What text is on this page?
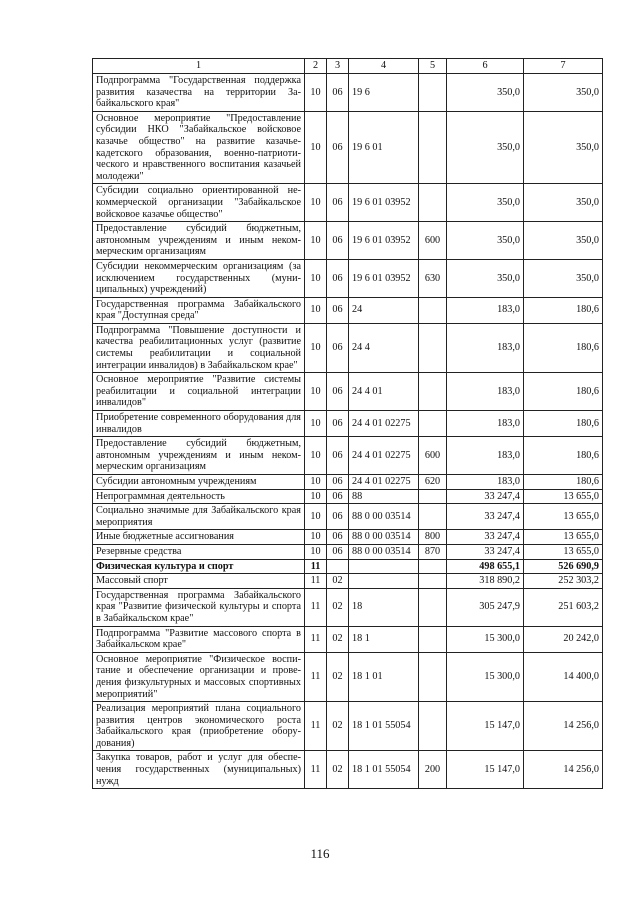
1	2	3	4	5	6	7
Подпрограмма "Государственная поддержка развития казачества на территории Забайкальского края"	10	06	19 6		350,0	350,0
Основное мероприятие "Предоставление субсидии НКО "Забайкальское войсковое казачье общество" на развитие казачье-кадетского образования, военно-патриотического и нравственного воспитания казачьей молодежи"	10	06	19 6 01		350,0	350,0
Субсидии социально ориентированной некоммерческой организации "Забайкальское войсковое казачье общество"	10	06	19 6 01 03952		350,0	350,0
Предоставление субсидий бюджетным, автономным учреждениям и иным некоммерческим организациям	10	06	19 6 01 03952	600	350,0	350,0
Субсидии некоммерческим организациям (за исключением государственных (муниципальных) учреждений)	10	06	19 6 01 03952	630	350,0	350,0
Государственная программа Забайкальского края "Доступная среда"	10	06	24		183,0	180,6
Подпрограмма "Повышение доступности и качества реабилитационных услуг (развитие системы реабилитации и социальной интеграции инвалидов) в Забайкальском крае"	10	06	24 4		183,0	180,6
Основное мероприятие "Развитие системы реабилитации и социальной интеграции инвалидов"	10	06	24 4 01		183,0	180,6
Приобретение современного оборудования для инвалидов	10	06	24 4 01 02275		183,0	180,6
Предоставление субсидий бюджетным, автономным учреждениям и иным некоммерческим организациям	10	06	24 4 01 02275	600	183,0	180,6
Субсидии автономным учреждениям	10	06	24 4 01 02275	620	183,0	180,6
Непрограммная деятельность	10	06	88		33 247,4	13 655,0
Социально значимые для Забайкальского края мероприятия	10	06	88 0 00 03514		33 247,4	13 655,0
Иные бюджетные ассигнования	10	06	88 0 00 03514	800	33 247,4	13 655,0
Резервные средства	10	06	88 0 00 03514	870	33 247,4	13 655,0
Физическая культура и спорт	11				498 655,1	526 690,9
Массовый спорт	11	02			318 890,2	252 303,2
Государственная программа Забайкальского края "Развитие физической культуры и спорта в Забайкальском крае"	11	02	18		305 247,9	251 603,2
Подпрограмма "Развитие массового спорта в Забайкальском крае"	11	02	18 1		15 300,0	20 242,0
Основное мероприятие "Физическое воспитание и обеспечение организации и проведения физкультурных и массовых спортивных мероприятий"	11	02	18 1 01		15 300,0	14 400,0
Реализация мероприятий плана социального развития центров экономического роста Забайкальского края (приобретение оборудования)	11	02	18 1 01 55054		15 147,0	14 256,0
Закупка товаров, работ и услуг для обеспечения государственных (муниципальных) нужд	11	02	18 1 01 55054	200	15 147,0	14 256,0
116
